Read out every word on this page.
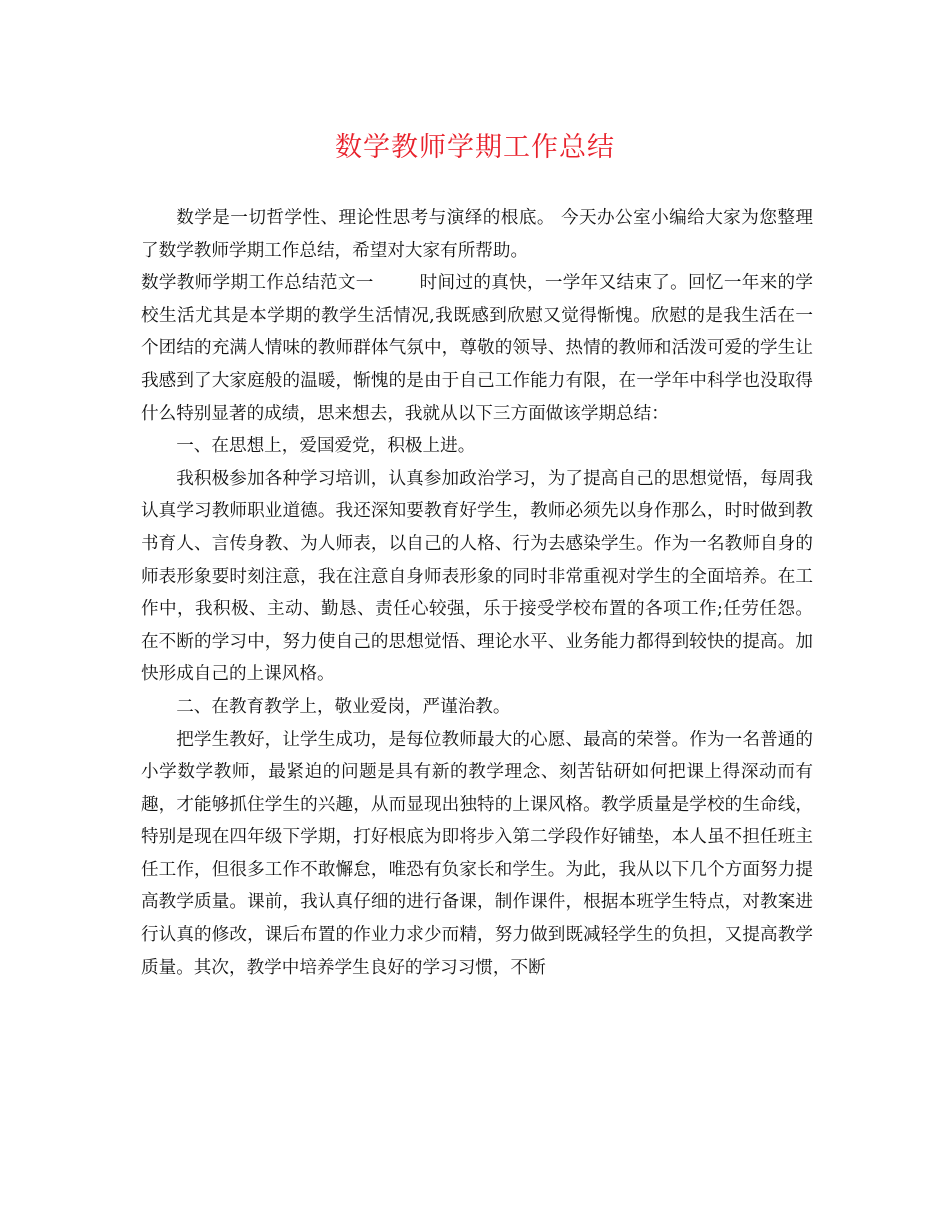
数学教师学期工作总结

数学是一切哲学性、理论性思考与演绎的根底。 今天办公室小编给大家为您整理了数学教师学期工作总结，希望对大家有所帮助。

数学教师学期工作总结范文一	时间过的真快，一学年又结束了。回忆一年来的学校生活尤其是本学期的教学生活情况,我既感到欣慰又觉得惭愧。欣慰的是我生活在一个团结的充满人情味的教师群体气氛中，尊敬的领导、热情的教师和活泼可爱的学生让我感到了大家庭般的温暖，惭愧的是由于自己工作能力有限，在一学年中科学也没取得什么特别显著的成绩，思来想去，我就从以下三方面做该学期总结：

一、在思想上，爱国爱党，积极上进。

我积极参加各种学习培训，认真参加政治学习，为了提高自己的思想觉悟，每周我认真学习教师职业道德。我还深知要教育好学生，教师必须先以身作那么，时时做到教书育人、言传身教、为人师表，以自己的人格、行为去感染学生。作为一名教师自身的师表形象要时刻注意，我在注意自身师表形象的同时非常重视对学生的全面培养。在工作中，我积极、主动、勤恳、责任心较强，乐于接受学校布置的各项工作;任劳任怨。在不断的学习中，努力使自己的思想觉悟、理论水平、业务能力都得到较快的提高。加快形成自己的上课风格。

二、在教育教学上，敬业爱岗，严谨治教。

把学生教好，让学生成功，是每位教师最大的心愿、最高的荣誉。作为一名普通的小学数学教师，最紧迫的问题是具有新的教学理念、刻苦钻研如何把课上得深动而有趣，才能够抓住学生的兴趣，从而显现出独特的上课风格。教学质量是学校的生命线，特别是现在四年级下学期，打好根底为即将步入第二学段作好铺垫，本人虽不担任班主任工作，但很多工作不敢懈怠，唯恐有负家长和学生。为此，我从以下几个方面努力提高教学质量。课前，我认真仔细的进行备课，制作课件，根据本班学生特点，对教案进行认真的修改，课后布置的作业力求少而精，努力做到既减轻学生的负担，又提高教学质量。其次，教学中培养学生良好的学习习惯，不断
